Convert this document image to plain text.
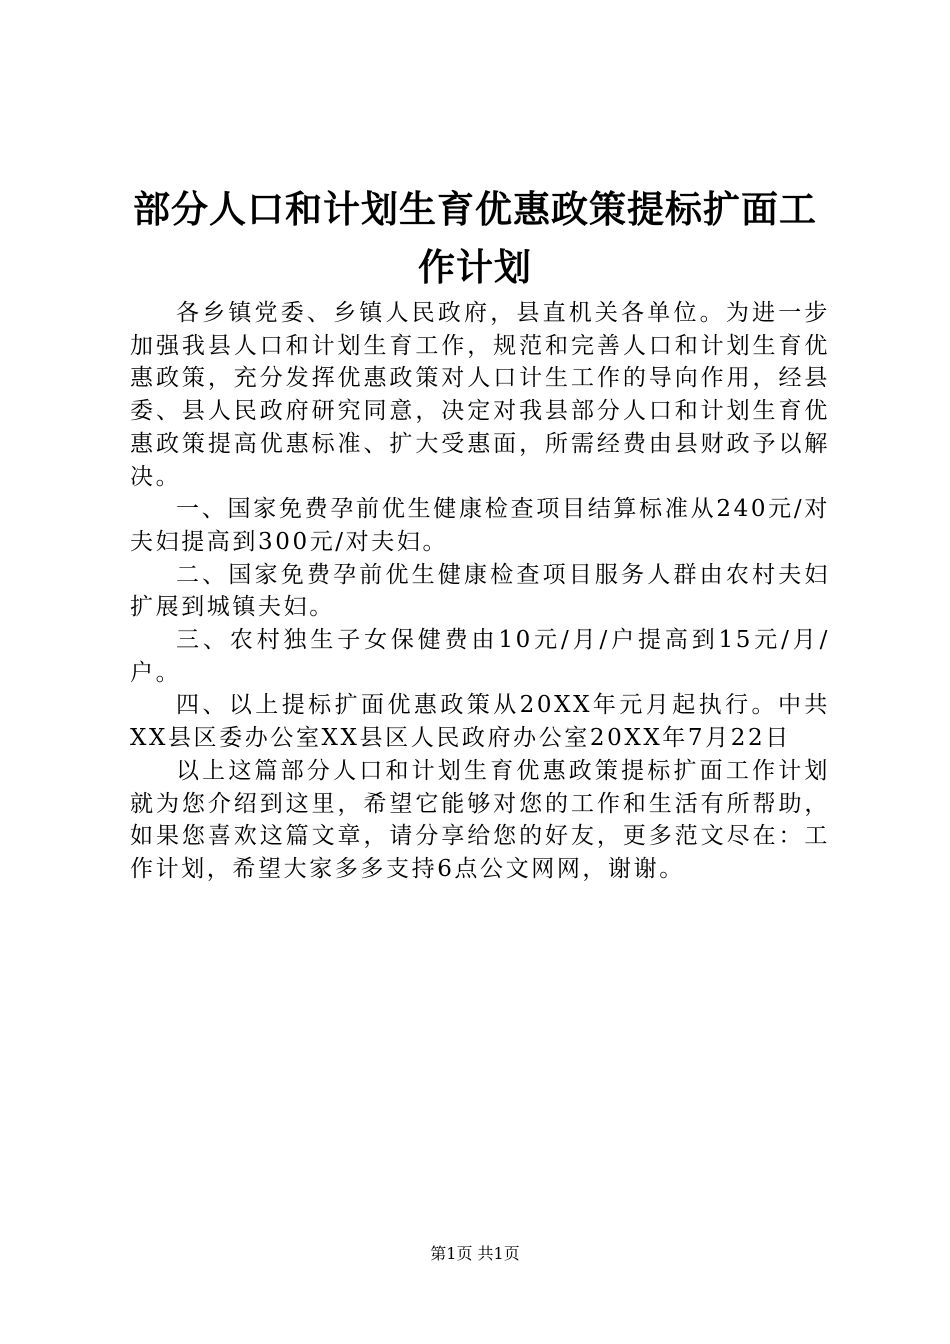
部分人口和计划生育优惠政策提标扩面工作计划

各乡镇党委、乡镇人民政府，县直机关各单位。为进一步加强我县人口和计划生育工作，规范和完善人口和计划生育优惠政策，充分发挥优惠政策对人口计生工作的导向作用，经县委、县人民政府研究同意，决定对我县部分人口和计划生育优惠政策提高优惠标准、扩大受惠面，所需经费由县财政予以解决。

一、国家免费孕前优生健康检查项目结算标准从240元/对夫妇提高到300元/对夫妇。

二、国家免费孕前优生健康检查项目服务人群由农村夫妇扩展到城镇夫妇。

三、农村独生子女保健费由10元/月/户提高到15元/月/户。

四、以上提标扩面优惠政策从20XX年元月起执行。中共XX县区委办公室XX县区人民政府办公室20XX年7月22日

以上这篇部分人口和计划生育优惠政策提标扩面工作计划就为您介绍到这里，希望它能够对您的工作和生活有所帮助，如果您喜欢这篇文章，请分享给您的好友，更多范文尽在：工作计划，希望大家多多支持6点公文网网，谢谢。

第1页 共1页
